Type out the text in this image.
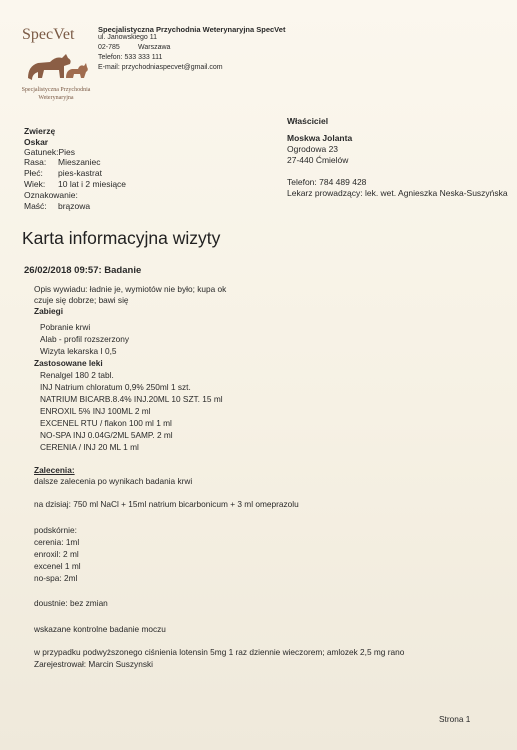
SpecVet
Specjalistyczna Przychodnia Weterynaryjna
Specjalistyczna Przychodnia Weterynaryjna SpecVet
ul. Janowskiego 11
02-785	Warszawa
Telefon: 533 333 111
E-mail: przychodniaspecvet@gmail.com
Zwierzę
Oskar
Gatunek:Pies
Rasa: Mieszaniec
Płeć: pies-kastrat
Wiek: 10 lat i 2 miesiące
Oznakowanie:
Maść: brązowa
Właściciel
Moskwa Jolanta
Ogrodowa 23
27-440 Ćmielów
Telefon: 784 489 428
Lekarz prowadzący: lek. wet. Agnieszka Neska-Suszyńska
Karta informacyjna wizyty
26/02/2018 09:57: Badanie
Opis wywiadu: ładnie je, wymiotów nie było; kupa ok
czuje się dobrze; bawi się
Zabiegi
Pobranie krwi
Alab - profil rozszerzony
Wizyta lekarska I 0,5
Zastosowane leki
Renalgel 180 2 tabl.
INJ Natrium chloratum 0,9% 250ml 1 szt.
NATRIUM BICARB.8.4% INJ.20ML 10 SZT. 15 ml
ENROXIL 5% INJ 100ML 2 ml
EXCENEL RTU / flakon 100 ml 1 ml
NO-SPA INJ 0.04G/2ML 5AMP. 2 ml
CERENIA / INJ 20 ML 1 ml
Zalecenia:
dalsze zalecenia po wynikach badania krwi
na dzisiaj: 750 ml NaCl + 15ml natrium bicarbonicum + 3 ml omeprazolu
podskórnie:
cerenia: 1ml
enroxil: 2 ml
excenel 1 ml
no-spa: 2ml
doustnie: bez zmian
wskazane kontrolne badanie moczu
w przypadku podwyższonego ciśnienia lotensin 5mg 1 raz dziennie wieczorem; amlozek 2,5 mg rano
Zarejestrował: Marcin Suszynski
Strona 1
